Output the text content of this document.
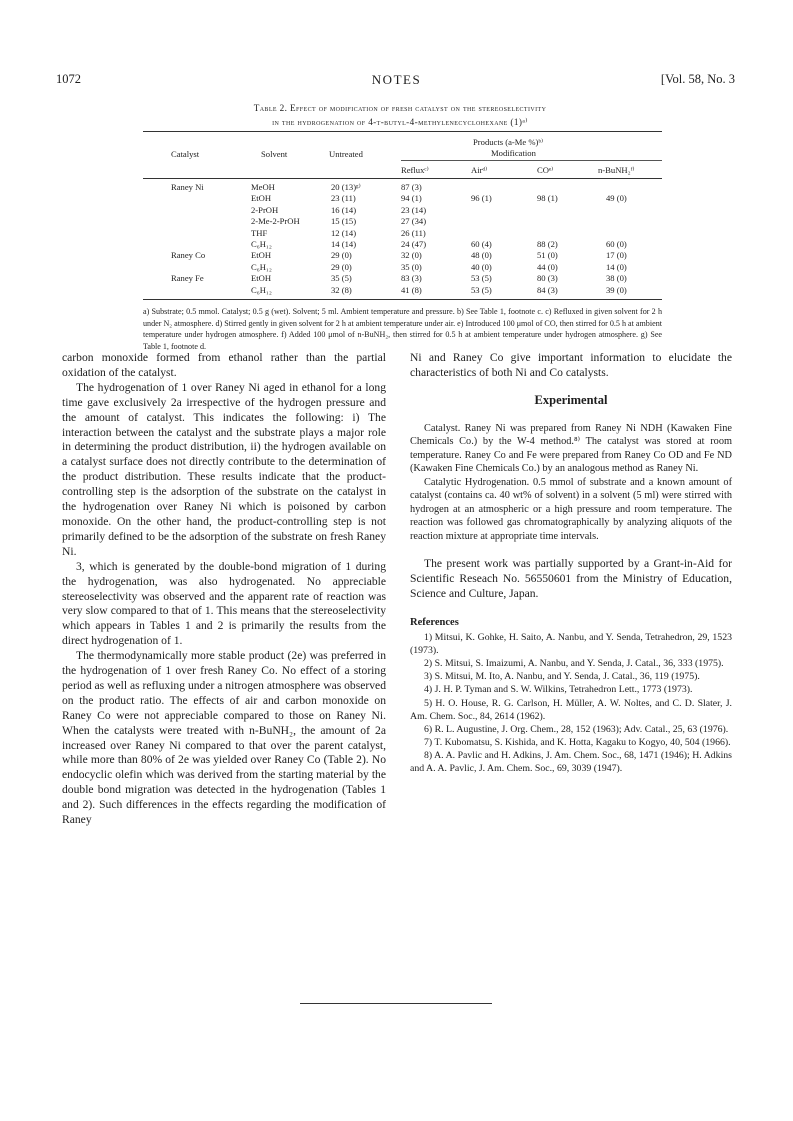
1072	NOTES	[Vol. 58, No. 3
Table 2. Effect of modification of fresh catalyst on the stereoselectivity
in the hydrogenation of 4-t-butyl-4-methylenecyclohexane (1)ᵃ⁾
Catalyst	Solvent	Untreated
Products (a-Me %)ᵇ⁾
Modification
Refluxᶜ⁾	Airᵈ⁾	COᵉ⁾	n-BuNH₂ᶠ⁾
Raney Ni	MeOH	20 (13)ᵍ⁾	87 (3)
EtOH	23 (11)	94 (1)	96 (1)	98 (1)	49 (0)
2-PrOH	16 (14)	23 (14)
2-Me-2-PrOH	15 (15)	27 (34)
THF	12 (14)	26 (11)
C₆H₁₂	14 (14)	24 (47)	60 (4)	88 (2)	60 (0)
Raney Co	EtOH	29 (0)	32 (0)	48 (0)	51 (0)	17 (0)
C₆H₁₂	29 (0)	35 (0)	40 (0)	44 (0)	14 (0)
Raney Fe	EtOH	35 (5)	83 (3)	53 (5)	80 (3)	38 (0)
C₆H₁₂	32 (8)	41 (8)	53 (5)	84 (3)	39 (0)
a) Substrate; 0.5 mmol. Catalyst; 0.5 g (wet). Solvent; 5 ml. Ambient temperature and pressure. b) See Table 1, footnote c. c) Refluxed in given solvent for 2 h under N₂ atmosphere. d) Stirred gently in given solvent for 2 h at ambient temperature under air. e) Introduced 100 μmol of CO, then stirred for 0.5 h at ambient temperature under hydrogen atmosphere. f) Added 100 μmol of n-BuNH₂, then stirred for 0.5 h at ambient temperature under hydrogen atmosphere. g) See Table 1, footnote d.

carbon monoxide formed from ethanol rather than the partial oxidation of the catalyst.

The hydrogenation of 1 over Raney Ni aged in ethanol for a long time gave exclusively 2a irrespective of the hydrogen pressure and the amount of catalyst. This indicates the following: i) The interaction between the catalyst and the substrate plays a major role in determining the product distribution, ii) the hydrogen available on a catalyst surface does not directly contribute to the determination of the product distribution. These results indicate that the product-controlling step is the adsorption of the substrate on the catalyst in the hydrogenation over Raney Ni which is poisoned by carbon monoxide. On the other hand, the product-controlling step is not primarily defined to be the adsorption of the substrate on fresh Raney Ni.

3, which is generated by the double-bond migration of 1 during the hydrogenation, was also hydrogenated. No appreciable stereoselectivity was observed and the apparent rate of reaction was very slow compared to that of 1. This means that the stereoselectivity which appears in Tables 1 and 2 is primarily the results from the direct hydrogenation of 1.

The thermodynamically more stable product (2e) was preferred in the hydrogenation of 1 over fresh Raney Co. No effect of a storing period as well as refluxing under a nitrogen atmosphere was observed on the product ratio. The effects of air and carbon monoxide on Raney Co were not appreciable compared to those on Raney Ni. When the catalysts were treated with n-BuNH₂, the amount of 2a increased over Raney Ni compared to that over the parent catalyst, while more than 80% of 2e was yielded over Raney Co (Table 2). No endocyclic olefin which was derived from the starting material by the double bond migration was detected in the hydrogenation (Tables 1 and 2). Such differences in the effects regarding the modification of Raney

Ni and Raney Co give important information to elucidate the characteristics of both Ni and Co catalysts.

Experimental

Catalyst. Raney Ni was prepared from Raney Ni NDH (Kawaken Fine Chemicals Co.) by the W-4 method.⁸⁾ The catalyst was stored at room temperature. Raney Co and Fe were prepared from Raney Co OD and Fe ND (Kawaken Fine Chemicals Co.) by an analogous method as Raney Ni.

Catalytic Hydrogenation. 0.5 mmol of substrate and a known amount of catalyst (contains ca. 40 wt% of solvent) in a solvent (5 ml) were stirred with hydrogen at an atmospheric or a high pressure and room temperature. The reaction was followed gas chromatographically by analyzing aliquots of the reaction mixture at appropriate time intervals.

The present work was partially supported by a Grant-in-Aid for Scientific Reseach No. 56550601 from the Ministry of Education, Science and Culture, Japan.

References

1) Mitsui, K. Gohke, H. Saito, A. Nanbu, and Y. Senda, Tetrahedron, 29, 1523 (1973).

2) S. Mitsui, S. Imaizumi, A. Nanbu, and Y. Senda, J. Catal., 36, 333 (1975).

3) S. Mitsui, M. Ito, A. Nanbu, and Y. Senda, J. Catal., 36, 119 (1975).

4) J. H. P. Tyman and S. W. Wilkins, Tetrahedron Lett., 1773 (1973).

5) H. O. House, R. G. Carlson, H. Müller, A. W. Noltes, and C. D. Slater, J. Am. Chem. Soc., 84, 2614 (1962).

6) R. L. Augustine, J. Org. Chem., 28, 152 (1963); Adv. Catal., 25, 63 (1976).

7) T. Kubomatsu, S. Kishida, and K. Hotta, Kagaku to Kogyo, 40, 504 (1966).

8) A. A. Pavlic and H. Adkins, J. Am. Chem. Soc., 68, 1471 (1946); H. Adkins and A. A. Pavlic, J. Am. Chem. Soc., 69, 3039 (1947).
